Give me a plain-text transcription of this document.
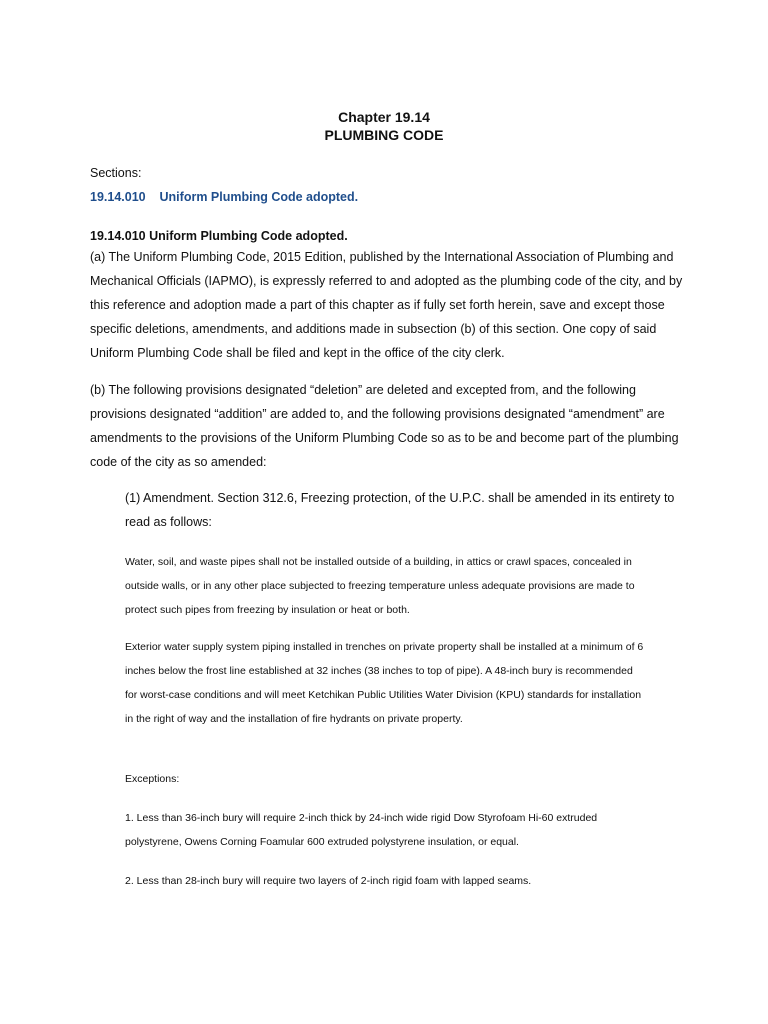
Chapter 19.14
PLUMBING CODE
Sections:
19.14.010 Uniform Plumbing Code adopted.
19.14.010 Uniform Plumbing Code adopted.

(a) The Uniform Plumbing Code, 2015 Edition, published by the International Association of Plumbing and Mechanical Officials (IAPMO), is expressly referred to and adopted as the plumbing code of the city, and by this reference and adoption made a part of this chapter as if fully set forth herein, save and except those specific deletions, amendments, and additions made in subsection (b) of this section. One copy of said Uniform Plumbing Code shall be filed and kept in the office of the city clerk.

(b) The following provisions designated “deletion” are deleted and excepted from, and the following provisions designated “addition” are added to, and the following provisions designated “amendment” are amendments to the provisions of the Uniform Plumbing Code so as to be and become part of the plumbing code of the city as so amended:

(1) Amendment. Section 312.6, Freezing protection, of the U.P.C. shall be amended in its entirety to read as follows:

Water, soil, and waste pipes shall not be installed outside of a building, in attics or crawl spaces, concealed in outside walls, or in any other place subjected to freezing temperature unless adequate provisions are made to protect such pipes from freezing by insulation or heat or both.

Exterior water supply system piping installed in trenches on private property shall be installed at a minimum of 6 inches below the frost line established at 32 inches (38 inches to top of pipe). A 48-inch bury is recommended for worst-case conditions and will meet Ketchikan Public Utilities Water Division (KPU) standards for installation in the right of way and the installation of fire hydrants on private property.

Exceptions:

1. Less than 36-inch bury will require 2-inch thick by 24-inch wide rigid Dow Styrofoam Hi-60 extruded polystyrene, Owens Corning Foamular 600 extruded polystyrene insulation, or equal.

2. Less than 28-inch bury will require two layers of 2-inch rigid foam with lapped seams.
